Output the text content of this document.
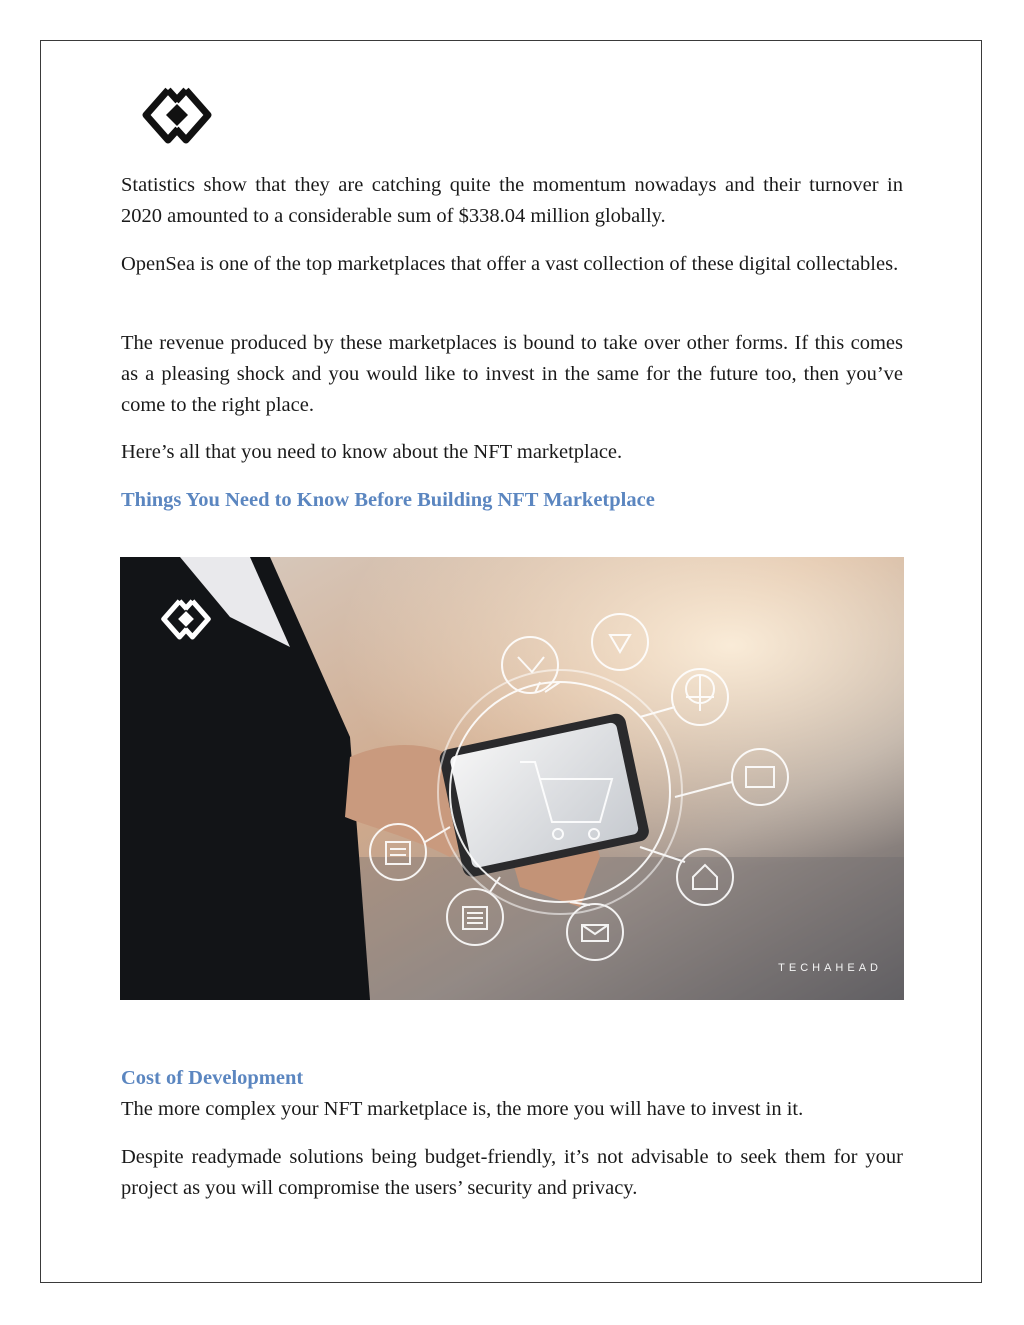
Statistics show that they are catching quite the momentum nowadays and their turnover in 2020 amounted to a considerable sum of $338.04 million globally.

OpenSea is one of the top marketplaces that offer a vast collection of these digital collectables.

The revenue produced by these marketplaces is bound to take over other forms. If this comes as a pleasing shock and you would like to invest in the same for the future too, then you’ve come to the right place.

Here’s all that you need to know about the NFT marketplace.

Things You Need to Know Before Building NFT Marketplace
TECHAHEAD
Cost of Development

The more complex your NFT marketplace is, the more you will have to invest in it.

Despite readymade solutions being budget-friendly, it’s not advisable to seek them for your project as you will compromise the users’ security and privacy.
